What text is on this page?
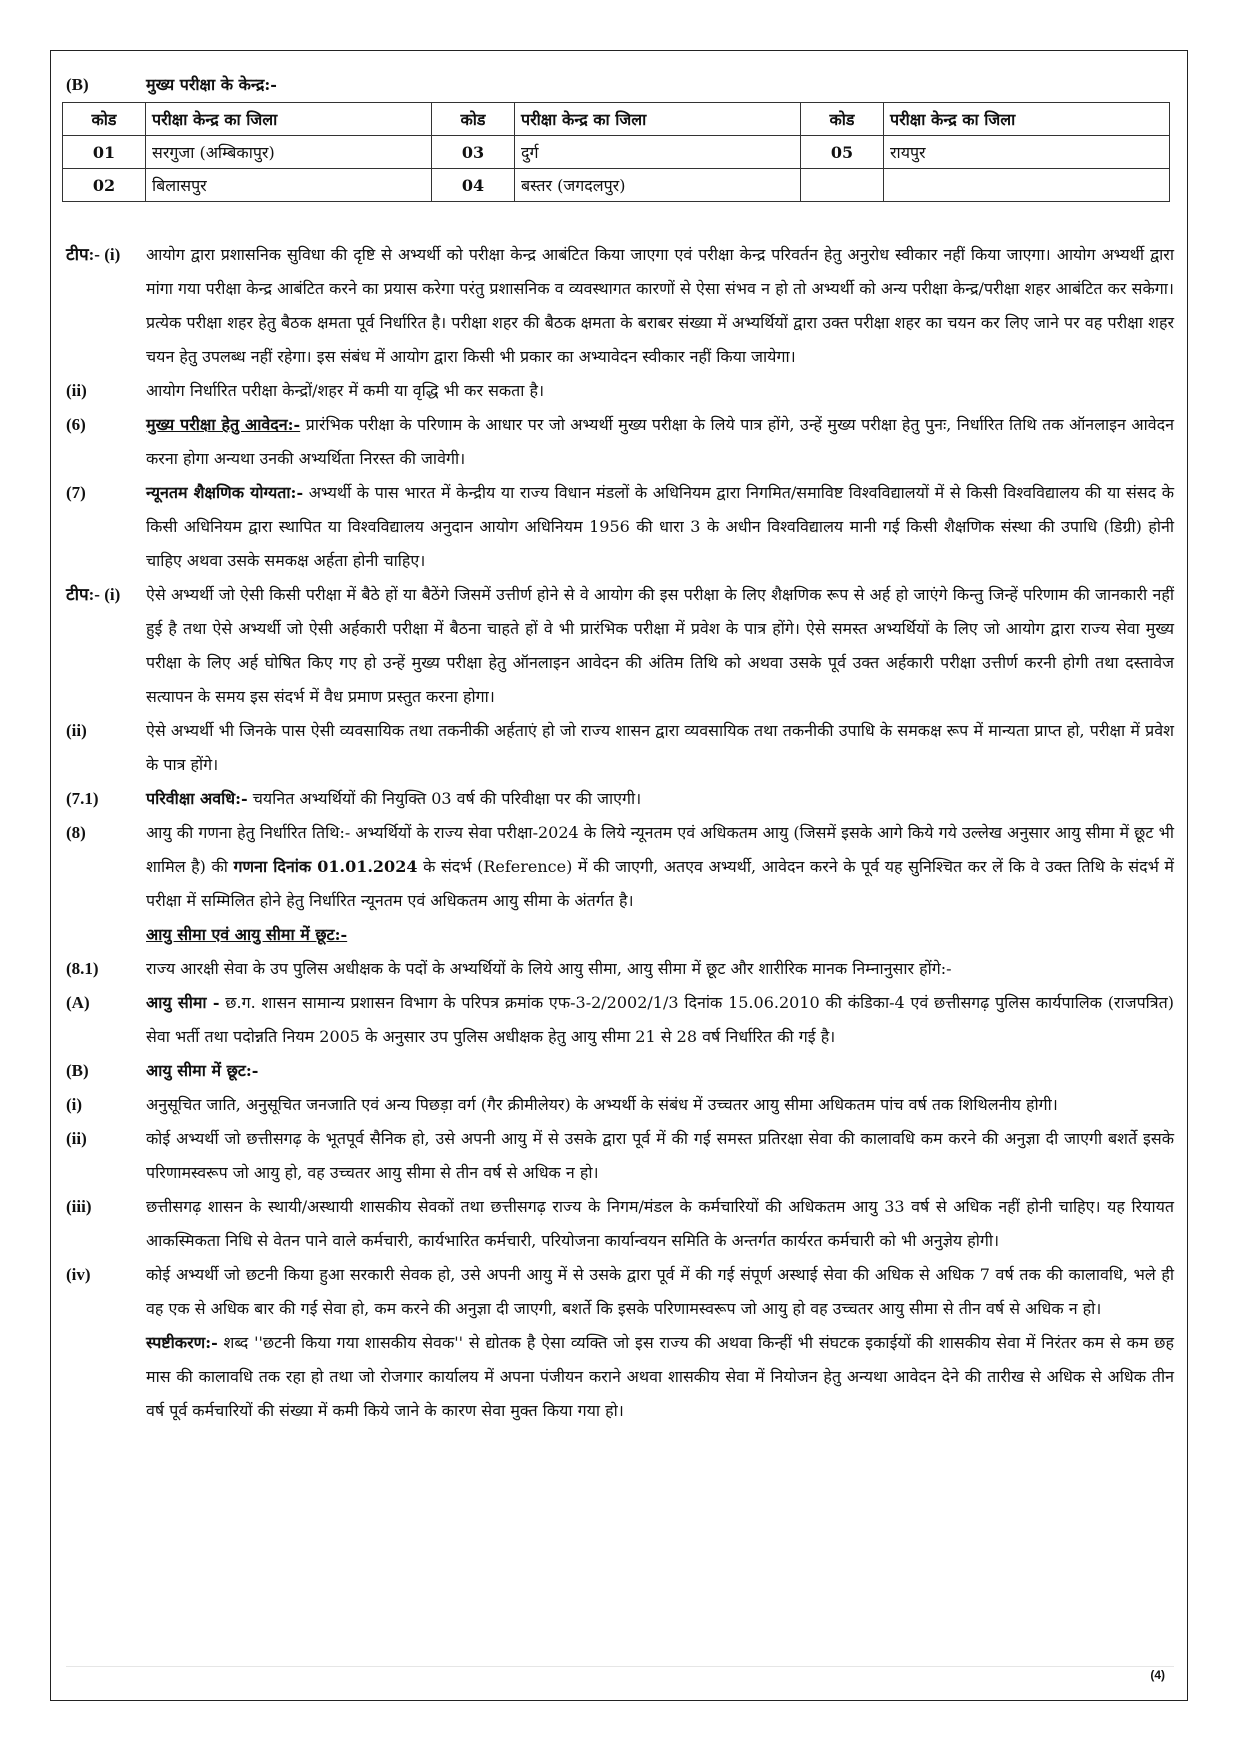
(B)	मुख्य परीक्षा के केन्द्र:-
कोड	परीक्षा केन्द्र का जिला	कोड	परीक्षा केन्द्र का जिला	कोड	परीक्षा केन्द्र का जिला
01	सरगुजा (अम्बिकापुर)	03	दुर्ग	05	रायपुर
02	बिलासपुर	04	बस्तर (जगदलपुर)		
टीप:- (i)	आयोग द्वारा प्रशासनिक सुविधा की दृष्टि से अभ्यर्थी को परीक्षा केन्द्र आबंटित किया जाएगा एवं परीक्षा केन्द्र परिवर्तन हेतु अनुरोध स्वीकार नहीं किया जाएगा। आयोग अभ्यर्थी द्वारा मांगा गया परीक्षा केन्द्र आबंटित करने का प्रयास करेगा परंतु प्रशासनिक व व्यवस्थागत कारणों से ऐसा संभव न हो तो अभ्यर्थी को अन्य परीक्षा केन्द्र/परीक्षा शहर आबंटित कर सकेगा। प्रत्येक परीक्षा शहर हेतु बैठक क्षमता पूर्व निर्धारित है। परीक्षा शहर की बैठक क्षमता के बराबर संख्या में अभ्यर्थियों द्वारा उक्त परीक्षा शहर का चयन कर लिए जाने पर वह परीक्षा शहर चयन हेतु उपलब्ध नहीं रहेगा। इस संबंध में आयोग द्वारा किसी भी प्रकार का अभ्यावेदन स्वीकार नहीं किया जायेगा।
(ii)	आयोग निर्धारित परीक्षा केन्द्रों/शहर में कमी या वृद्धि भी कर सकता है।
(6)	मुख्य परीक्षा हेतु आवेदन:- प्रारंभिक परीक्षा के परिणाम के आधार पर जो अभ्यर्थी मुख्य परीक्षा के लिये पात्र होंगे, उन्हें मुख्य परीक्षा हेतु पुनः, निर्धारित तिथि तक ऑनलाइन आवेदन करना होगा अन्यथा उनकी अभ्यर्थिता निरस्त की जावेगी।
(7)	न्यूनतम शैक्षणिक योग्यता:- अभ्यर्थी के पास भारत में केन्द्रीय या राज्य विधान मंडलों के अधिनियम द्वारा निगमित/समाविष्ट विश्वविद्यालयों में से किसी विश्वविद्यालय की या संसद के किसी अधिनियम द्वारा स्थापित या विश्वविद्यालय अनुदान आयोग अधिनियम 1956 की धारा 3 के अधीन विश्वविद्यालय मानी गई किसी शैक्षणिक संस्था की उपाधि (डिग्री) होनी चाहिए अथवा उसके समकक्ष अर्हता होनी चाहिए।
टीप:- (i)	ऐसे अभ्यर्थी जो ऐसी किसी परीक्षा में बैठे हों या बैठेंगे जिसमें उत्तीर्ण होने से वे आयोग की इस परीक्षा के लिए शैक्षणिक रूप से अर्ह हो जाएंगे किन्तु जिन्हें परिणाम की जानकारी नहीं हुई है तथा ऐसे अभ्यर्थी जो ऐसी अर्हकारी परीक्षा में बैठना चाहते हों वे भी प्रारंभिक परीक्षा में प्रवेश के पात्र होंगे। ऐसे समस्त अभ्यर्थियों के लिए जो आयोग द्वारा राज्य सेवा मुख्य परीक्षा के लिए अर्ह घोषित किए गए हो उन्हें मुख्य परीक्षा हेतु ऑनलाइन आवेदन की अंतिम तिथि को अथवा उसके पूर्व उक्त अर्हकारी परीक्षा उत्तीर्ण करनी होगी तथा दस्तावेज सत्यापन के समय इस संदर्भ में वैध प्रमाण प्रस्तुत करना होगा।
(ii)	ऐसे अभ्यर्थी भी जिनके पास ऐसी व्यवसायिक तथा तकनीकी अर्हताएं हो जो राज्य शासन द्वारा व्यवसायिक तथा तकनीकी उपाधि के समकक्ष रूप में मान्यता प्राप्त हो, परीक्षा में प्रवेश के पात्र होंगे।
(7.1)	परिवीक्षा अवधि:- चयनित अभ्यर्थियों की नियुक्ति 03 वर्ष की परिवीक्षा पर की जाएगी।
(8)	आयु की गणना हेतु निर्धारित तिथि:- अभ्यर्थियों के राज्य सेवा परीक्षा-2024 के लिये न्यूनतम एवं अधिकतम आयु (जिसमें इसके आगे किये गये उल्लेख अनुसार आयु सीमा में छूट भी शामिल है) की गणना दिनांक 01.01.2024 के संदर्भ (Reference) में की जाएगी, अतएव अभ्यर्थी, आवेदन करने के पूर्व यह सुनिश्चित कर लें कि वे उक्त तिथि के संदर्भ में परीक्षा में सम्मिलित होने हेतु निर्धारित न्यूनतम एवं अधिकतम आयु सीमा के अंतर्गत है।
आयु सीमा एवं आयु सीमा में छूट:-
(8.1)	राज्य आरक्षी सेवा के उप पुलिस अधीक्षक के पदों के अभ्यर्थियों के लिये आयु सीमा, आयु सीमा में छूट और शारीरिक मानक निम्नानुसार होंगे:-
(A)	आयु सीमा - छ.ग. शासन सामान्य प्रशासन विभाग के परिपत्र क्रमांक एफ-3-2/2002/1/3 दिनांक 15.06.2010 की कंडिका-4 एवं छत्तीसगढ़ पुलिस कार्यपालिक (राजपत्रित) सेवा भर्ती तथा पदोन्नति नियम 2005 के अनुसार उप पुलिस अधीक्षक हेतु आयु सीमा 21 से 28 वर्ष निर्धारित की गई है।
(B)	आयु सीमा में छूट:-
(i)	अनुसूचित जाति, अनुसूचित जनजाति एवं अन्य पिछड़ा वर्ग (गैर क्रीमीलेयर) के अभ्यर्थी के संबंध में उच्चतर आयु सीमा अधिकतम पांच वर्ष तक शिथिलनीय होगी।
(ii)	कोई अभ्यर्थी जो छत्तीसगढ़ के भूतपूर्व सैनिक हो, उसे अपनी आयु में से उसके द्वारा पूर्व में की गई समस्त प्रतिरक्षा सेवा की कालावधि कम करने की अनुज्ञा दी जाएगी बशर्ते इसके परिणामस्वरूप जो आयु हो, वह उच्चतर आयु सीमा से तीन वर्ष से अधिक न हो।
(iii)	छत्तीसगढ़ शासन के स्थायी/अस्थायी शासकीय सेवकों तथा छत्तीसगढ़ राज्य के निगम/मंडल के कर्मचारियों की अधिकतम आयु 33 वर्ष से अधिक नहीं होनी चाहिए। यह रियायत आकस्मिकता निधि से वेतन पाने वाले कर्मचारी, कार्यभारित कर्मचारी, परियोजना कार्यान्वयन समिति के अन्तर्गत कार्यरत कर्मचारी को भी अनुज्ञेय होगी।
(iv)	कोई अभ्यर्थी जो छटनी किया हुआ सरकारी सेवक हो, उसे अपनी आयु में से उसके द्वारा पूर्व में की गई संपूर्ण अस्थाई सेवा की अधिक से अधिक 7 वर्ष तक की कालावधि, भले ही वह एक से अधिक बार की गई सेवा हो, कम करने की अनुज्ञा दी जाएगी, बशर्ते कि इसके परिणामस्वरूप जो आयु हो वह उच्चतर आयु सीमा से तीन वर्ष से अधिक न हो।
स्पष्टीकरण:- शब्द ''छटनी किया गया शासकीय सेवक'' से द्योतक है ऐसा व्यक्ति जो इस राज्य की अथवा किन्हीं भी संघटक इकाईयों की शासकीय सेवा में निरंतर कम से कम छह मास की कालावधि तक रहा हो तथा जो रोजगार कार्यालय में अपना पंजीयन कराने अथवा शासकीय सेवा में नियोजन हेतु अन्यथा आवेदन देने की तारीख से अधिक से अधिक तीन वर्ष पूर्व कर्मचारियों की संख्या में कमी किये जाने के कारण सेवा मुक्त किया गया हो।
(4)
